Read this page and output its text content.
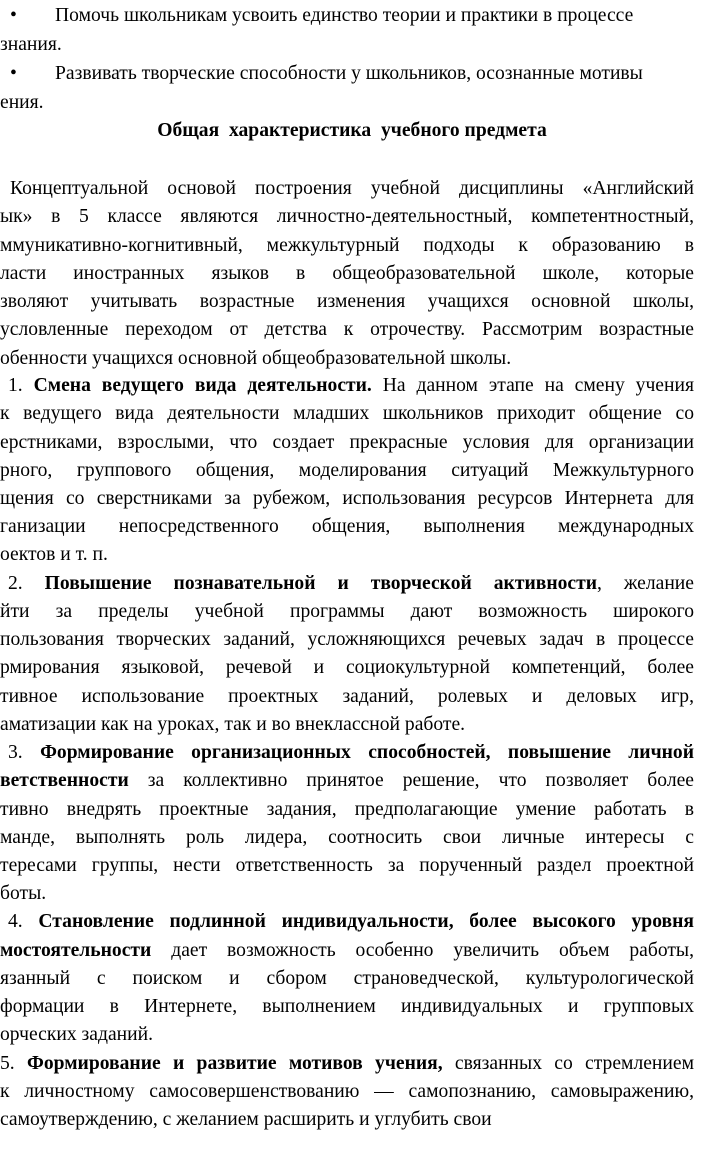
• Помочь школьникам усвоить единство теории и практики в процессе
знания.
• Развивать творческие способности у школьников, осознанные мотивы
ения.
Общая  характеристика  учебного предмета
Концептуальной основой построения учебной дисциплины «Английский
ык» в 5 классе являются личностно-деятельностный, компетентностный,
ммуникативно-когнитивный, межкультурный подходы к образованию в
ласти иностранных языков в общеобразовательной школе, которые
зволяют учитывать возрастные изменения учащихся основной школы,
условленные переходом от детства к отрочеству. Рассмотрим возрастные
обенности учащихся основной общеобразовательной школы.
1. Смена ведущего вида деятельности. На данном этапе на смену учения
к ведущего вида деятельности младших школьников приходит общение со
ерстниками, взрослыми, что создает прекрасные условия для организации
рного, группового общения, моделирования ситуаций Межкультурного
щения со сверстниками за рубежом, использования ресурсов Интернета для
ганизации непосредственного общения, выполнения международных
оектов и т. п.
2. Повышение познавательной и творческой активности, желание
йти за пределы учебной программы дают возможность широкого
пользования творческих заданий, усложняющихся речевых задач в процессе
рмирования языковой, речевой и социокультурной компетенций, более
тивное использование проектных заданий, ролевых и деловых игр,
аматизации как на уроках, так и во внеклассной работе.
3. Формирование организационных способностей, повышение личной
ветственности за коллективно принятое решение, что позволяет более
тивно внедрять проектные задания, предполагающие умение работать в
манде, выполнять роль лидера, соотносить свои личные интересы с
тересами группы, нести ответственность за порученный раздел проектной
боты.
4. Становление подлинной индивидуальности, более высокого уровня
мостоятельности дает возможность особенно увеличить объем работы,
язанный с поиском и сбором страноведческой, культурологической
формации в Интернете, выполнением индивидуальных и групповых
орческих заданий.
5. Формирование и развитие мотивов учения, связанных со стремлением
к личностному самосовершенствованию — самопознанию, самовыражению,
самоутверждению, с желанием расширить и углубить свои
